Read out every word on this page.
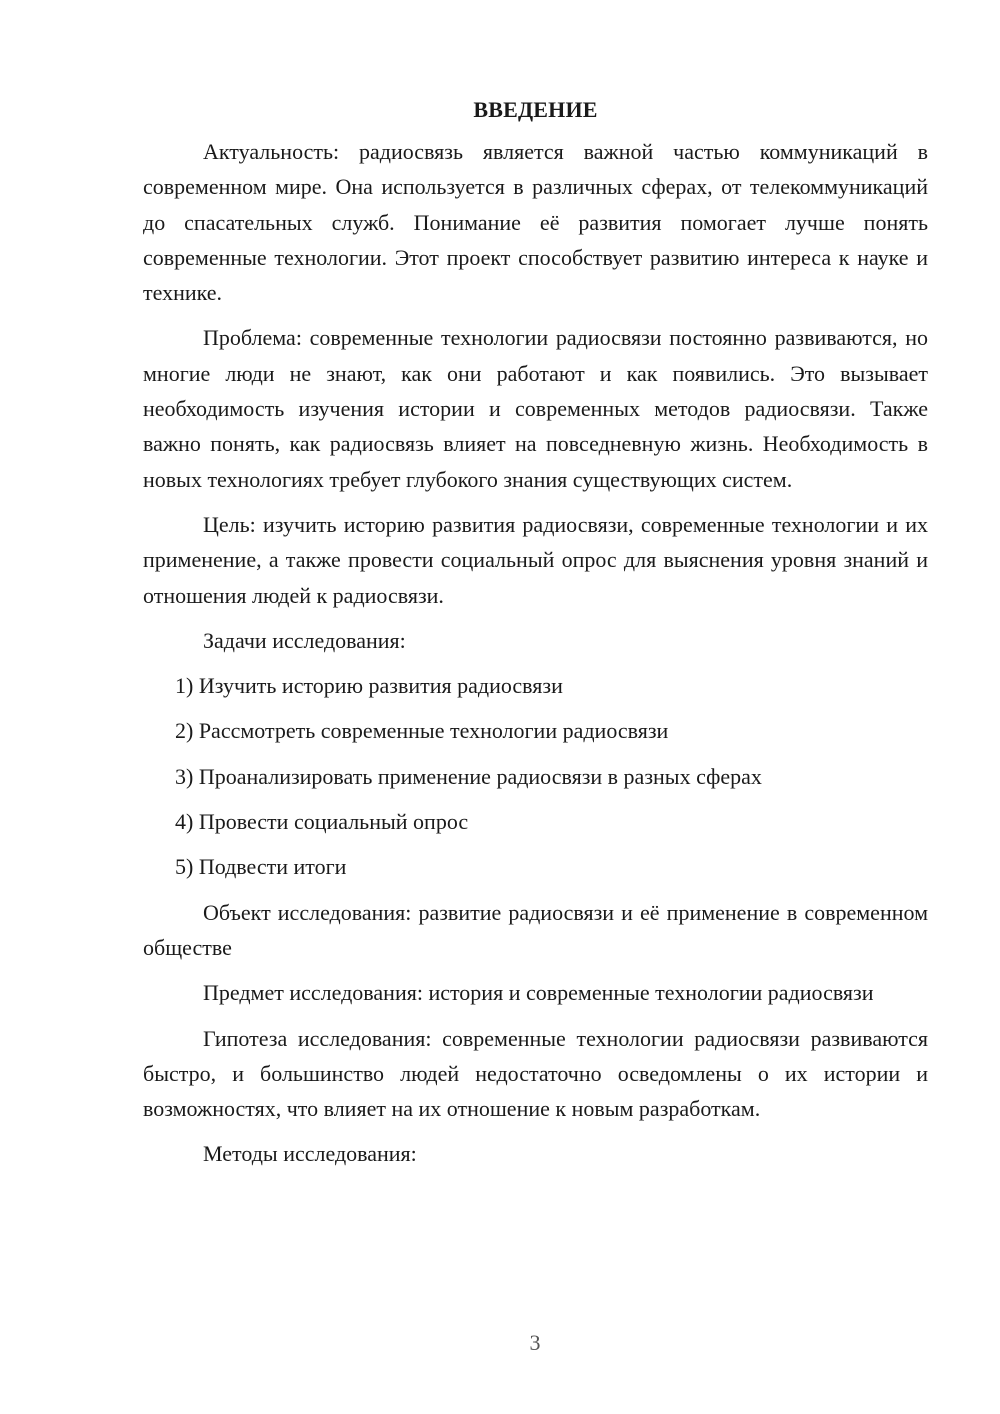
ВВЕДЕНИЕ

Актуальность: радиосвязь является важной частью коммуникаций в современном мире. Она используется в различных сферах, от телекоммуникаций до спасательных служб. Понимание её развития помогает лучше понять современные технологии. Этот проект способствует развитию интереса к науке и технике.

Проблема: современные технологии радиосвязи постоянно развиваются, но многие люди не знают, как они работают и как появились. Это вызывает необходимость изучения истории и современных методов радиосвязи. Также важно понять, как радиосвязь влияет на повседневную жизнь. Необходимость в новых технологиях требует глубокого знания существующих систем.

Цель: изучить историю развития радиосвязи, современные технологии и их применение, а также провести социальный опрос для выяснения уровня знаний и отношения людей к радиосвязи.

Задачи исследования:

1) Изучить историю развития радиосвязи
2) Рассмотреть современные технологии радиосвязи
3) Проанализировать применение радиосвязи в разных сферах
4) Провести социальный опрос
5) Подвести итоги

Объект исследования: развитие радиосвязи и её применение в современном обществе

Предмет исследования: история и современные технологии радиосвязи

Гипотеза исследования: современные технологии радиосвязи развиваются быстро, и большинство людей недостаточно осведомлены о их истории и возможностях, что влияет на их отношение к новым разработкам.

Методы исследования:

3
